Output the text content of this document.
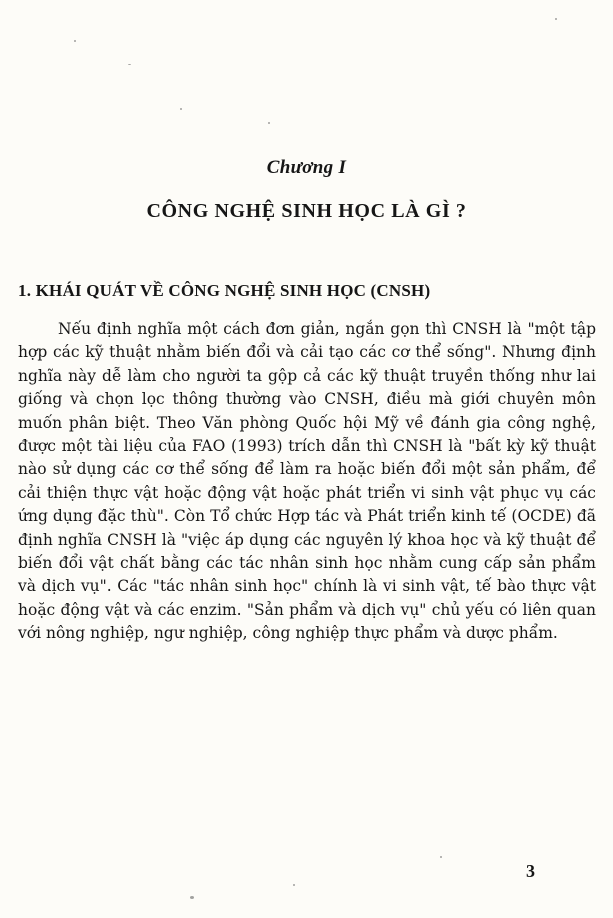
Chương I
CÔNG NGHỆ SINH HỌC LÀ GÌ ?
1. KHÁI QUÁT VỀ CÔNG NGHỆ SINH HỌC (CNSH)

Nếu định nghĩa một cách đơn giản, ngắn gọn thì CNSH là "một tập hợp các kỹ thuật nhằm biến đổi và cải tạo các cơ thể sống". Nhưng định nghĩa này dễ làm cho người ta gộp cả các kỹ thuật truyền thống như lai giống và chọn lọc thông thường vào CNSH, điều mà giới chuyên môn muốn phân biệt. Theo Văn phòng Quốc hội Mỹ về đánh gia công nghệ, được một tài liệu của FAO (1993) trích dẫn thì CNSH là "bất kỳ kỹ thuật nào sử dụng các cơ thể sống để làm ra hoặc biến đổi một sản phẩm, để cải thiện thực vật hoặc động vật hoặc phát triển vi sinh vật phục vụ các ứng dụng đặc thù". Còn Tổ chức Hợp tác và Phát triển kinh tế (OCDE) đã định nghĩa CNSH là "việc áp dụng các nguyên lý khoa học và kỹ thuật để biến đổi vật chất bằng các tác nhân sinh học nhằm cung cấp sản phẩm và dịch vụ". Các "tác nhân sinh học" chính là vi sinh vật, tế bào thực vật hoặc động vật và các enzim. "Sản phẩm và dịch vụ" chủ yếu có liên quan với nông nghiệp, ngư nghiệp, công nghiệp thực phẩm và dược phẩm.

3
